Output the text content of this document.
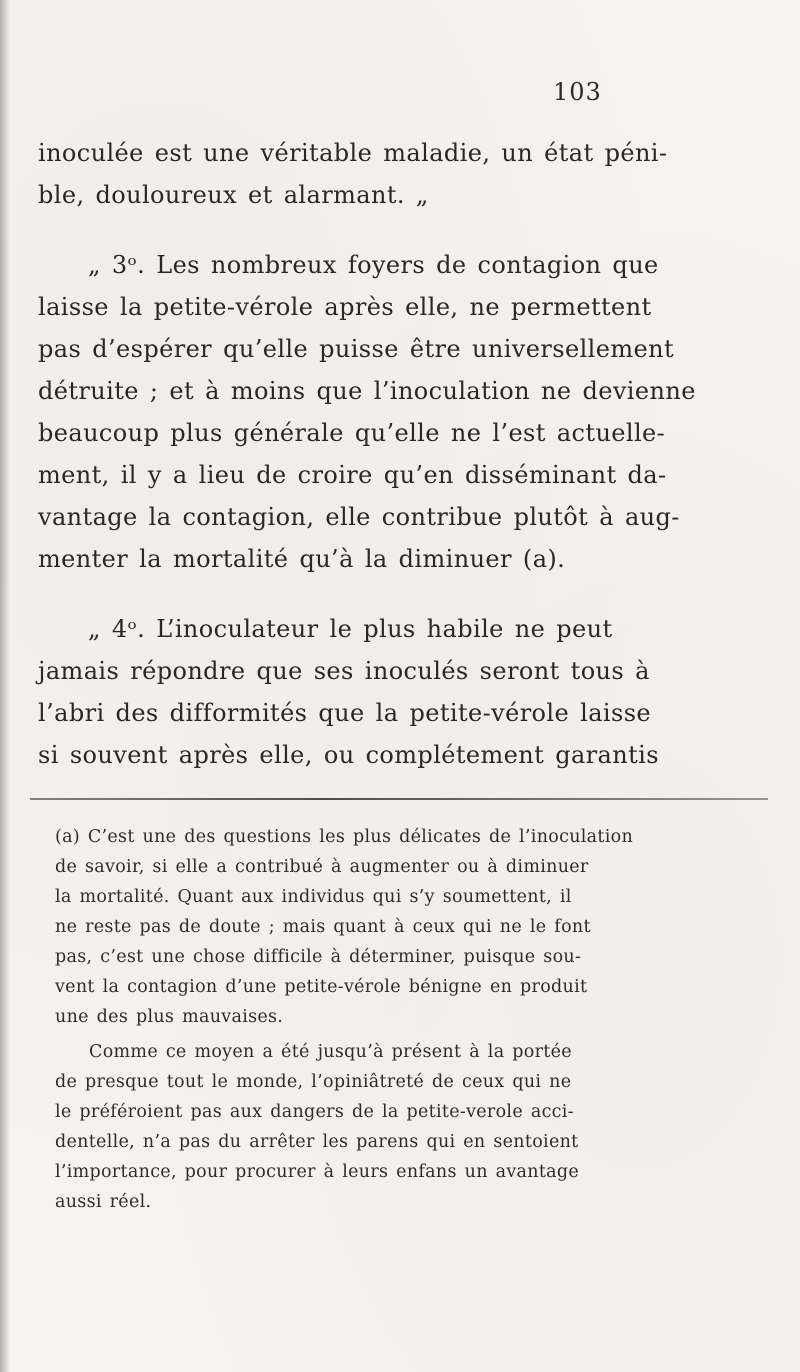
103
inoculée est une véritable maladie, un état péni-
ble, douloureux et alarmant. „
„ 3ᵒ. Les nombreux foyers de contagion que
laisse la petite-vérole après elle, ne permettent
pas d’espérer qu’elle puisse être universellement
détruite ; et à moins que l’inoculation ne devienne
beaucoup plus générale qu’elle ne l’est actuelle-
ment, il y a lieu de croire qu’en disséminant da-
vantage la contagion, elle contribue plutôt à aug-
menter la mortalité qu’à la diminuer (a).
„ 4ᵒ. L’inoculateur le plus habile ne peut
jamais répondre que ses inoculés seront tous à
l’abri des difformités que la petite-vérole laisse
si souvent après elle, ou complétement garantis
(a) C’est une des questions les plus délicates de l’inoculation
de savoir, si elle a contribué à augmenter ou à diminuer
la mortalité. Quant aux individus qui s’y soumettent, il
ne reste pas de doute ; mais quant à ceux qui ne le font
pas, c’est une chose difficile à déterminer, puisque sou-
vent la contagion d’une petite-vérole bénigne en produit
une des plus mauvaises.
Comme ce moyen a été jusqu’à présent à la portée
de presque tout le monde, l’opiniâtreté de ceux qui ne
le préféroient pas aux dangers de la petite-verole acci-
dentelle, n’a pas du arrêter les parens qui en sentoient
l’importance, pour procurer à leurs enfans un avantage
aussi réel.
